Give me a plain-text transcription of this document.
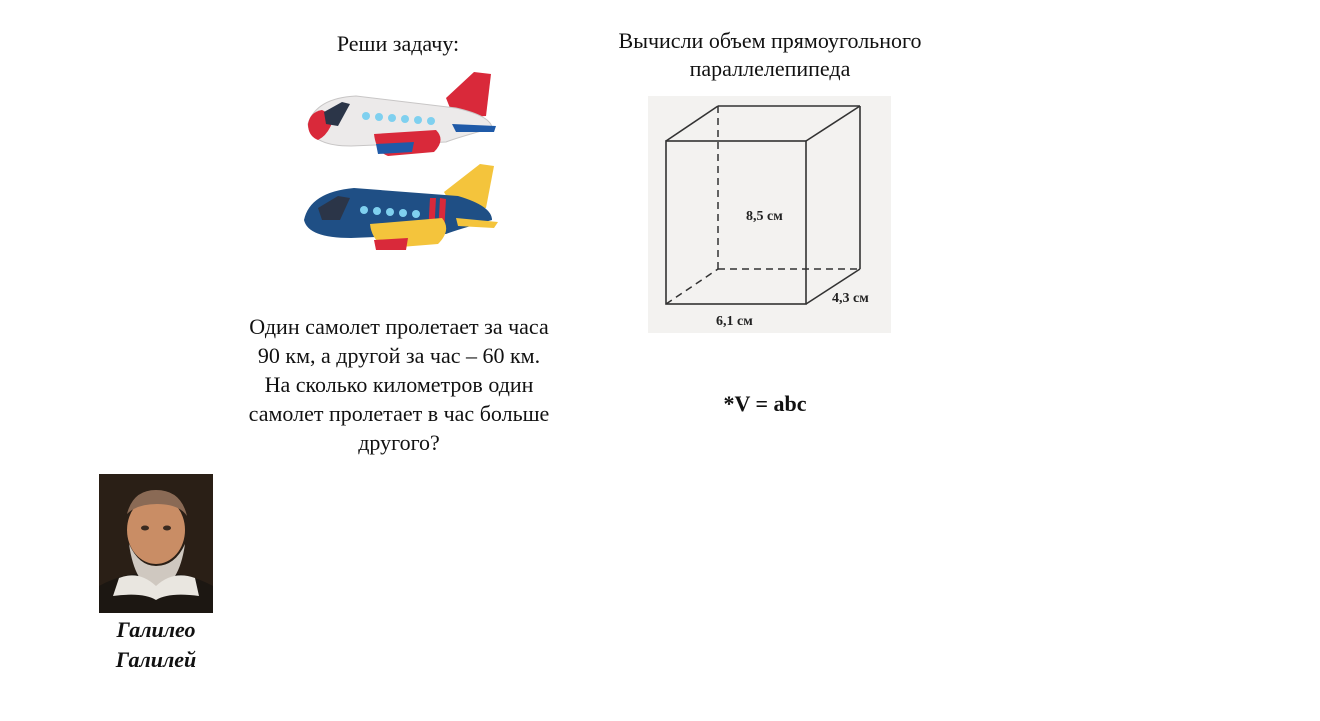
Реши задачу:	Вычисли объем прямоугольного
параллелепипеда
Один самолет пролетает за часа
90 км, а другой за час – 60 км.
На сколько километров один
самолет пролетает в час больше
другого?
8,5 см
6,1 см
4,3 см
*V = abc
Галилео
Галилей
